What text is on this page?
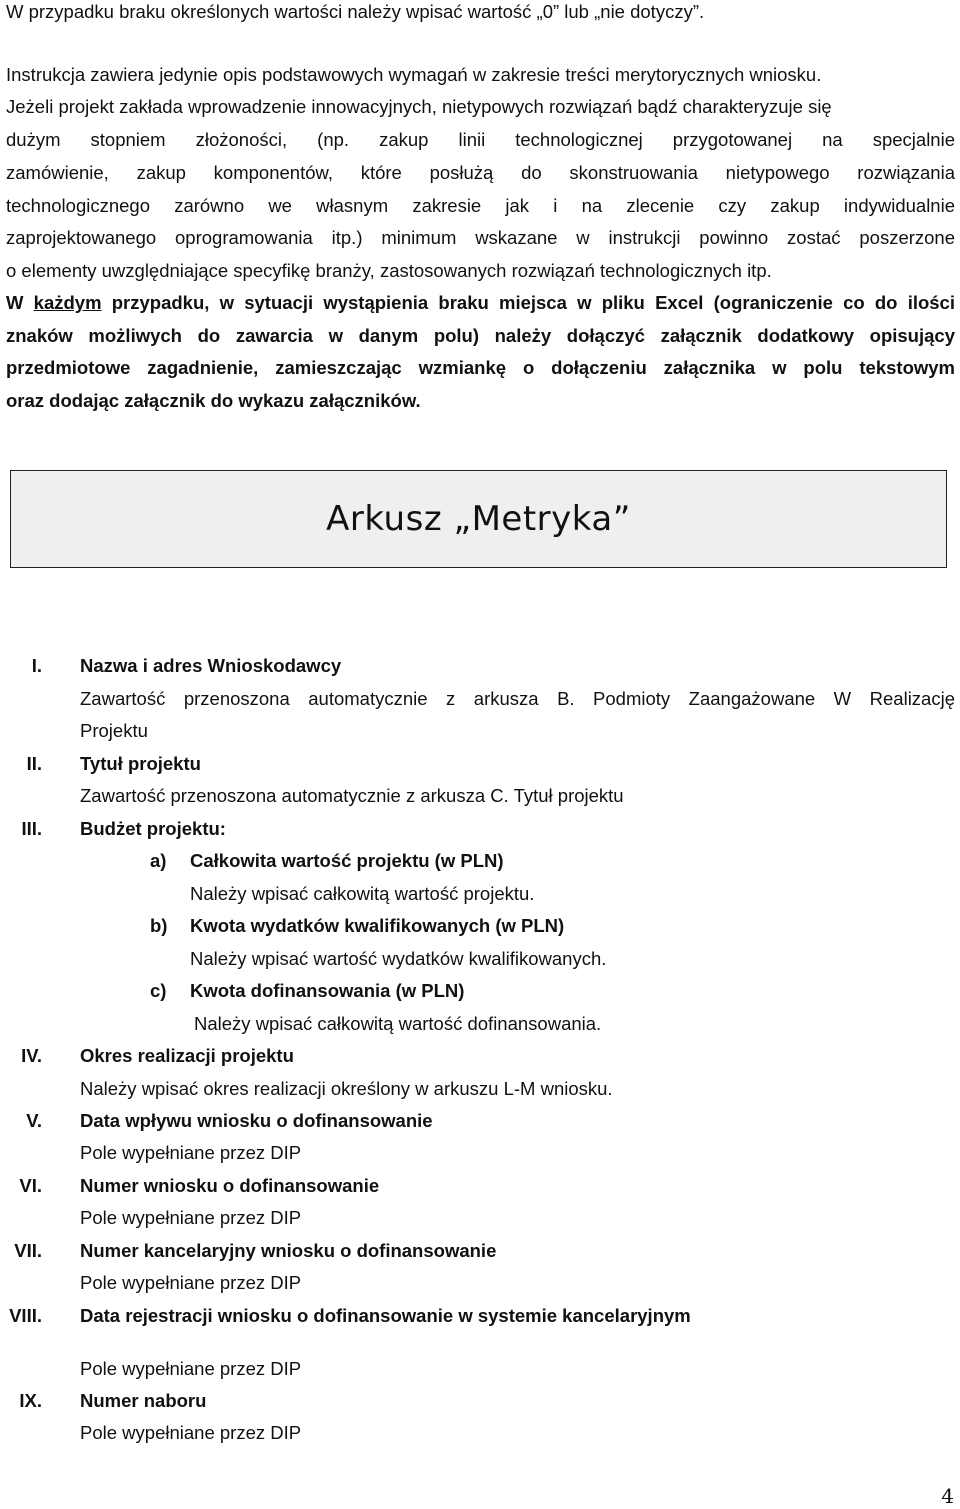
W przypadku braku określonych wartości należy wpisać wartość „0” lub „nie dotyczy”.
Instrukcja zawiera jedynie opis podstawowych wymagań w zakresie treści merytorycznych wniosku.
Jeżeli projekt zakłada wprowadzenie innowacyjnych, nietypowych rozwiązań bądź charakteryzuje się
dużym stopniem złożoności, (np. zakup linii technologicznej przygotowanej na specjalnie
zamówienie, zakup komponentów, które posłużą do skonstruowania nietypowego rozwiązania
technologicznego zarówno we własnym zakresie jak i na zlecenie czy zakup indywidualnie
zaprojektowanego oprogramowania itp.) minimum wskazane w instrukcji powinno zostać poszerzone
o elementy uwzględniające specyfikę branży, zastosowanych rozwiązań technologicznych itp.
W każdym przypadku, w sytuacji wystąpienia braku miejsca w pliku Excel (ograniczenie co do ilości
znaków możliwych do zawarcia w danym polu) należy dołączyć załącznik dodatkowy opisujący
przedmiotowe zagadnienie, zamieszczając wzmiankę o dołączeniu załącznika w polu tekstowym
oraz dodając załącznik do wykazu załączników.
Arkusz „Metryka”
I. Nazwa i adres Wnioskodawcy
Zawartość przenoszona automatycznie z arkusza B. Podmioty Zaangażowane W Realizację
Projektu
II. Tytuł projektu
Zawartość przenoszona automatycznie z arkusza C. Tytuł projektu
III. Budżet projektu:
a) Całkowita wartość projektu (w PLN)
Należy wpisać całkowitą wartość projektu.
b) Kwota wydatków kwalifikowanych (w PLN)
Należy wpisać wartość wydatków kwalifikowanych.
c) Kwota dofinansowania (w PLN)
Należy wpisać całkowitą wartość dofinansowania.
IV. Okres realizacji projektu
Należy wpisać okres realizacji określony w arkuszu L-M wniosku.
V. Data wpływu wniosku o dofinansowanie
Pole wypełniane przez DIP
VI. Numer wniosku o dofinansowanie
Pole wypełniane przez DIP
VII. Numer kancelaryjny wniosku o dofinansowanie
Pole wypełniane przez DIP
VIII. Data rejestracji wniosku o dofinansowanie w systemie kancelaryjnym
Pole wypełniane przez DIP
IX. Numer naboru
Pole wypełniane przez DIP
4
